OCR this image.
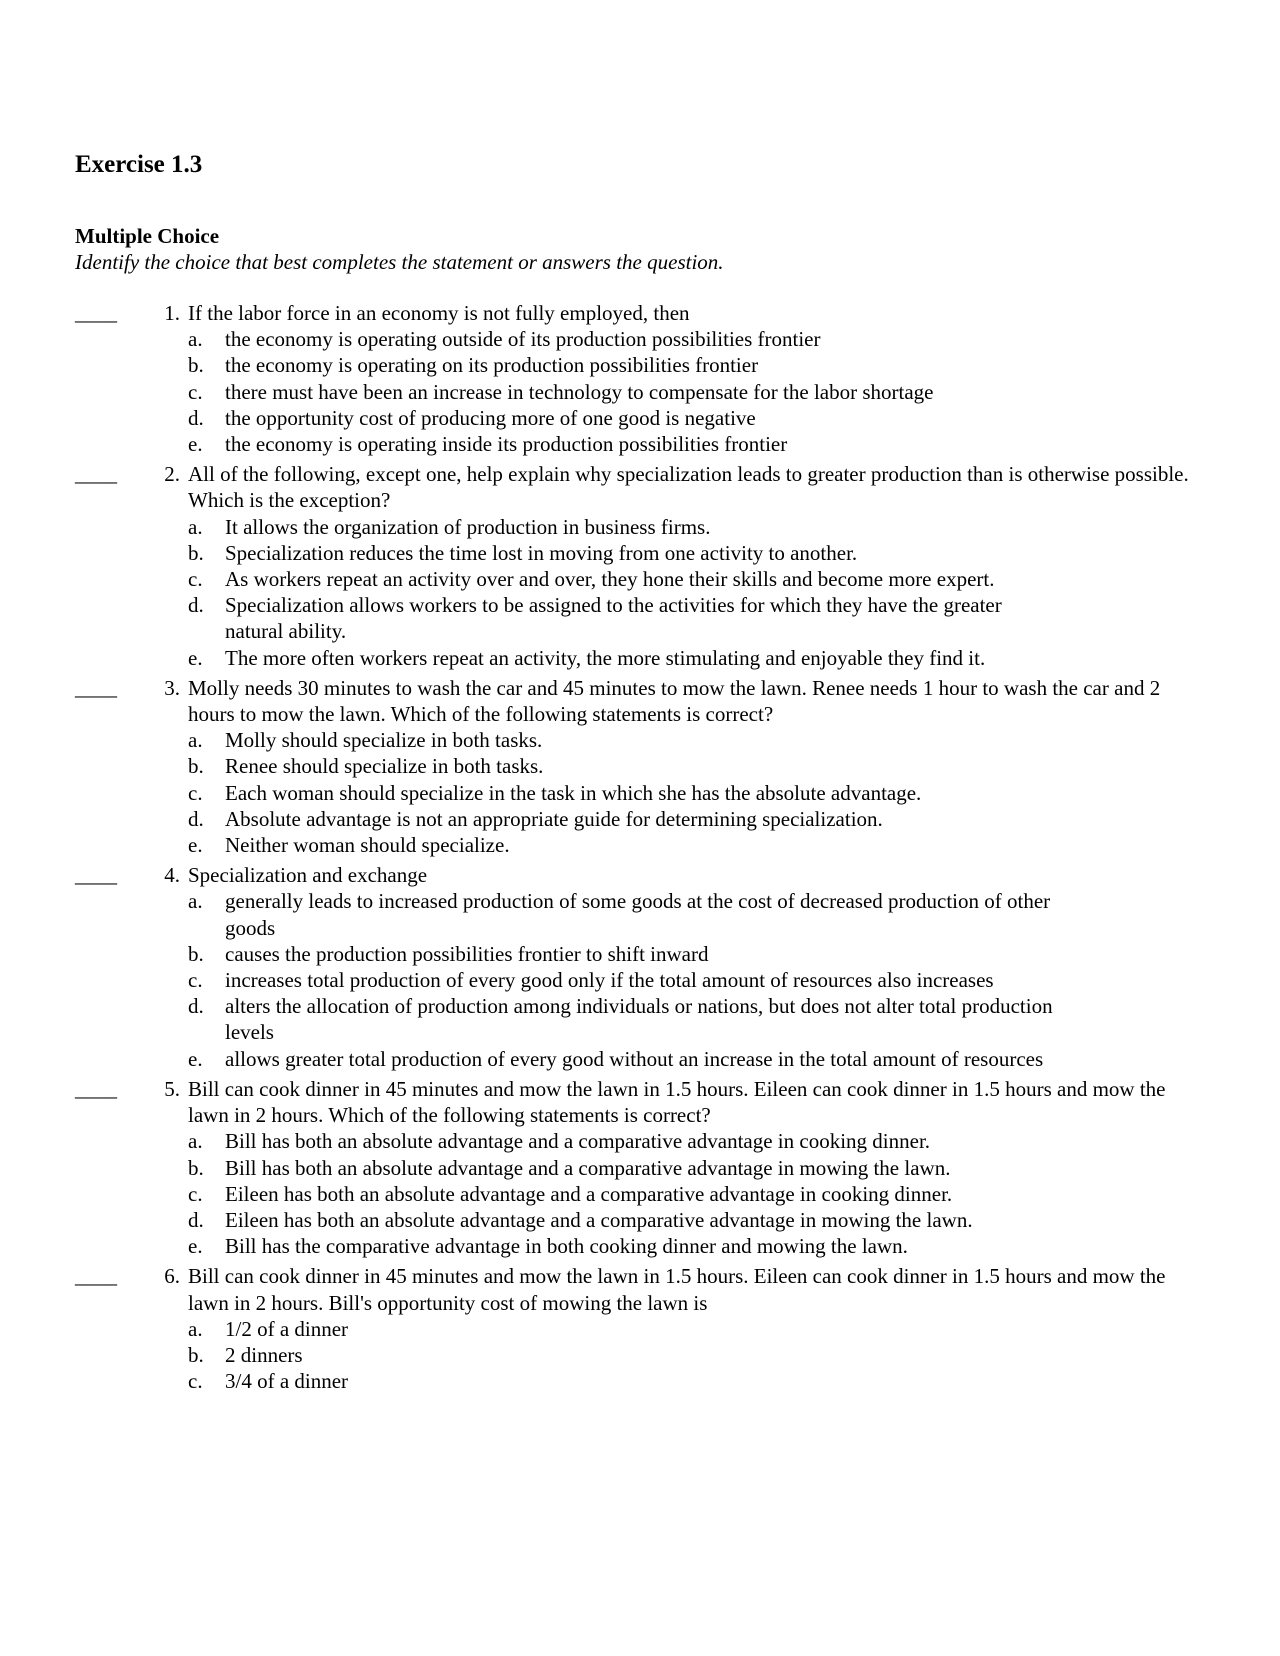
Exercise 1.3
Multiple Choice
Identify the choice that best completes the statement or answers the question.
____	1. If the labor force in an economy is not fully employed, then
a. the economy is operating outside of its production possibilities frontier
b. the economy is operating on its production possibilities frontier
c. there must have been an increase in technology to compensate for the labor shortage
d. the opportunity cost of producing more of one good is negative
e. the economy is operating inside its production possibilities frontier
____	2. All of the following, except one, help explain why specialization leads to greater production than is otherwise possible. Which is the exception?
a. It allows the organization of production in business firms.
b. Specialization reduces the time lost in moving from one activity to another.
c. As workers repeat an activity over and over, they hone their skills and become more expert.
d. Specialization allows workers to be assigned to the activities for which they have the greater natural ability.
e. The more often workers repeat an activity, the more stimulating and enjoyable they find it.
____	3. Molly needs 30 minutes to wash the car and 45 minutes to mow the lawn. Renee needs 1 hour to wash the car and 2 hours to mow the lawn. Which of the following statements is correct?
a. Molly should specialize in both tasks.
b. Renee should specialize in both tasks.
c. Each woman should specialize in the task in which she has the absolute advantage.
d. Absolute advantage is not an appropriate guide for determining specialization.
e. Neither woman should specialize.
____	4. Specialization and exchange
a. generally leads to increased production of some goods at the cost of decreased production of other goods
b. causes the production possibilities frontier to shift inward
c. increases total production of every good only if the total amount of resources also increases
d. alters the allocation of production among individuals or nations, but does not alter total production levels
e. allows greater total production of every good without an increase in the total amount of resources
____	5. Bill can cook dinner in 45 minutes and mow the lawn in 1.5 hours. Eileen can cook dinner in 1.5 hours and mow the lawn in 2 hours. Which of the following statements is correct?
a. Bill has both an absolute advantage and a comparative advantage in cooking dinner.
b. Bill has both an absolute advantage and a comparative advantage in mowing the lawn.
c. Eileen has both an absolute advantage and a comparative advantage in cooking dinner.
d. Eileen has both an absolute advantage and a comparative advantage in mowing the lawn.
e. Bill has the comparative advantage in both cooking dinner and mowing the lawn.
____	6. Bill can cook dinner in 45 minutes and mow the lawn in 1.5 hours. Eileen can cook dinner in 1.5 hours and mow the lawn in 2 hours. Bill's opportunity cost of mowing the lawn is
a. 1/2 of a dinner
b. 2 dinners
c. 3/4 of a dinner
